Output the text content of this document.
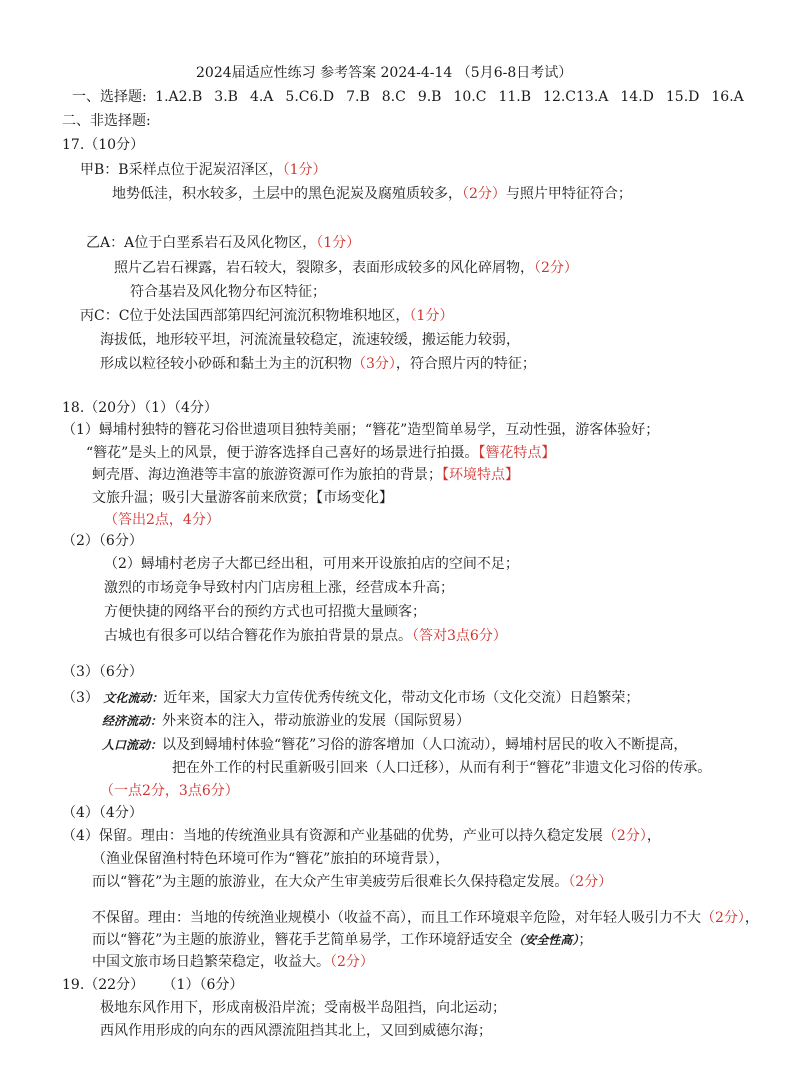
2024届适应性练习 参考答案 2024-4-14 （5月6-8日考试）
一、选择题: 1.A2.B 3.B 4.A 5.C6.D 7.B 8.C 9.B 10.C 11.B 12.C13.A 14.D 15.D 16.A
二、非选择题:
17.（10分）
甲B：B采样点位于泥炭沼泽区，（1分）
地势低洼，积水较多，土层中的黑色泥炭及腐殖质较多，（2分）与照片甲特征符合；
乙A：A位于白垩系岩石及风化物区，（1分）
照片乙岩石裸露，岩石较大，裂隙多，表面形成较多的风化碎屑物，（2分）
符合基岩及风化物分布区特征；
丙C：C位于处法国西部第四纪河流沉积物堆积地区，（1分）
海拔低，地形较平坦，河流流量较稳定，流速较缓，搬运能力较弱，
形成以粒径较小砂砾和黏土为主的沉积物（3分），符合照片丙的特征；
18.（20分）（1）（4分）
（1）蟳埔村独特的簪花习俗世遗项目独特美丽；“簪花”造型简单易学，互动性强，游客体验好；
“簪花”是头上的风景，便于游客选择自己喜好的场景进行拍摄。【簪花特点】
蚵壳厝、海边渔港等丰富的旅游资源可作为旅拍的背景；【环境特点】
文旅升温；吸引大量游客前来欣赏；【市场变化】
（答出2点，4分）
（2）（6分）
（2）蟳埔村老房子大都已经出租，可用来开设旅拍店的空间不足；
激烈的市场竞争导致村内门店房租上涨，经营成本升高；
方便快捷的网络平台的预约方式也可招揽大量顾客；
古城也有很多可以结合簪花作为旅拍背景的景点。（答对3点6分）
（3）（6分）
（3） 文化流动：近年来，国家大力宣传优秀传统文化，带动文化市场（文化交流）日趋繁荣；
经济流动：外来资本的注入，带动旅游业的发展（国际贸易）
人口流动：以及到蟳埔村体验“簪花”习俗的游客增加（人口流动），蟳埔村居民的收入不断提高，
把在外工作的村民重新吸引回来（人口迁移），从而有利于“簪花”非遗文化习俗的传承。
（一点2分，3点6分）
（4）（4分）
（4）保留。理由：当地的传统渔业具有资源和产业基础的优势，产业可以持久稳定发展（2分），
（渔业保留渔村特色环境可作为“簪花”旅拍的环境背景），
而以“簪花”为主题的旅游业，在大众产生审美疲劳后很难长久保持稳定发展。（2分）
不保留。理由：当地的传统渔业规模小（收益不高），而且工作环境艰辛危险，对年轻人吸引力不大（2分），
而以“簪花”为主题的旅游业，簪花手艺简单易学，工作环境舒适安全（安全性高）；
中国文旅市场日趋繁荣稳定，收益大。（2分）
19.（22分） （1）（6分）
极地东风作用下，形成南极沿岸流；受南极半岛阻挡，向北运动；
西风作用形成的向东的西风漂流阻挡其北上，又回到威德尔海；
